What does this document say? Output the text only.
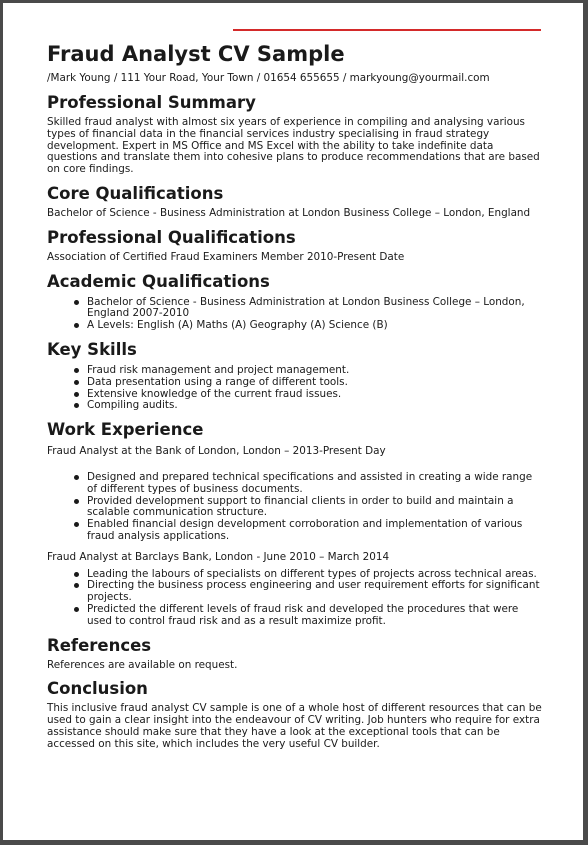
Fraud Analyst CV Sample
/Mark Young / 111 Your Road, Your Town / 01654 655655 / markyoung@yourmail.com
Professional Summary

Skilled fraud analyst with almost six years of experience in compiling and analysing various types of financial data in the financial services industry specialising in fraud strategy development. Expert in MS Office and MS Excel with the ability to take indefinite data questions and translate them into cohesive plans to produce recommendations that are based on core findings.

Core Qualifications

Bachelor of Science - Business Administration at London Business College – London, England

Professional Qualifications

Association of Certified Fraud Examiners Member 2010-Present Date

Academic Qualifications
Bachelor of Science - Business Administration at London Business College – London, England 2007-2010
A Levels: English (A) Maths (A) Geography (A) Science (B)
Key Skills
Fraud risk management and project management.
Data presentation using a range of different tools.
Extensive knowledge of the current fraud issues.
Compiling audits.
Work Experience

Fraud Analyst at the Bank of London, London – 2013-Present Day

Designed and prepared technical specifications and assisted in creating a wide range of different types of business documents.
Provided development support to financial clients in order to build and maintain a scalable communication structure.
Enabled financial design development corroboration and implementation of various fraud analysis applications.

Fraud Analyst at Barclays Bank, London - June 2010 – March 2014

Leading the labours of specialists on different types of projects across technical areas.
Directing the business process engineering and user requirement efforts for significant projects.
Predicted the different levels of fraud risk and developed the procedures that were used to control fraud risk and as a result maximize profit.
References

References are available on request.

Conclusion

This inclusive fraud analyst CV sample is one of a whole host of different resources that can be used to gain a clear insight into the endeavour of CV writing. Job hunters who require for extra assistance should make sure that they have a look at the exceptional tools that can be accessed on this site, which includes the very useful CV builder.
